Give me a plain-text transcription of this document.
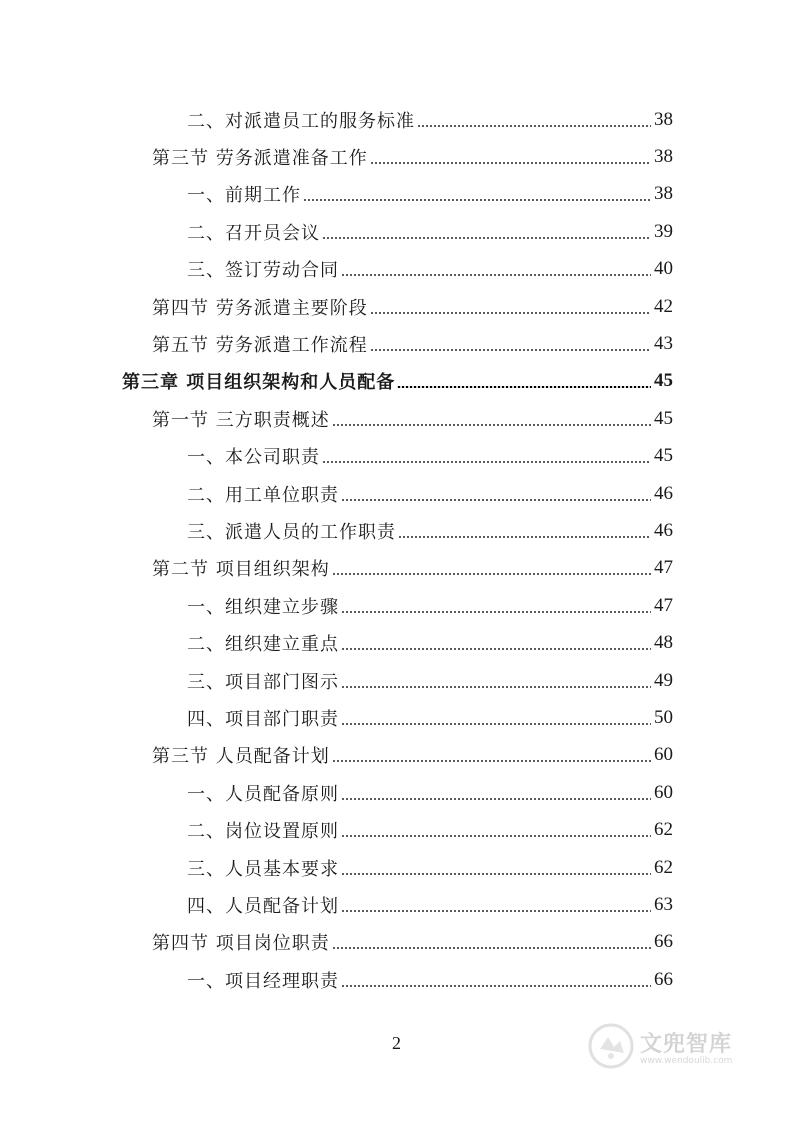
二、对派遣员工的服务标准	38
第三节 劳务派遣准备工作	38
一、前期工作	38
二、召开员会议	39
三、签订劳动合同	40
第四节 劳务派遣主要阶段	42
第五节 劳务派遣工作流程	43
第三章 项目组织架构和人员配备	45
第一节 三方职责概述	45
一、本公司职责	45
二、用工单位职责	46
三、派遣人员的工作职责	46
第二节 项目组织架构	47
一、组织建立步骤	47
二、组织建立重点	48
三、项目部门图示	49
四、项目部门职责	50
第三节 人员配备计划	60
一、人员配备原则	60
二、岗位设置原则	62
三、人员基本要求	62
四、人员配备计划	63
第四节 项目岗位职责	66
一、项目经理职责	66
2	文兜智库
www.wendoulib.com
